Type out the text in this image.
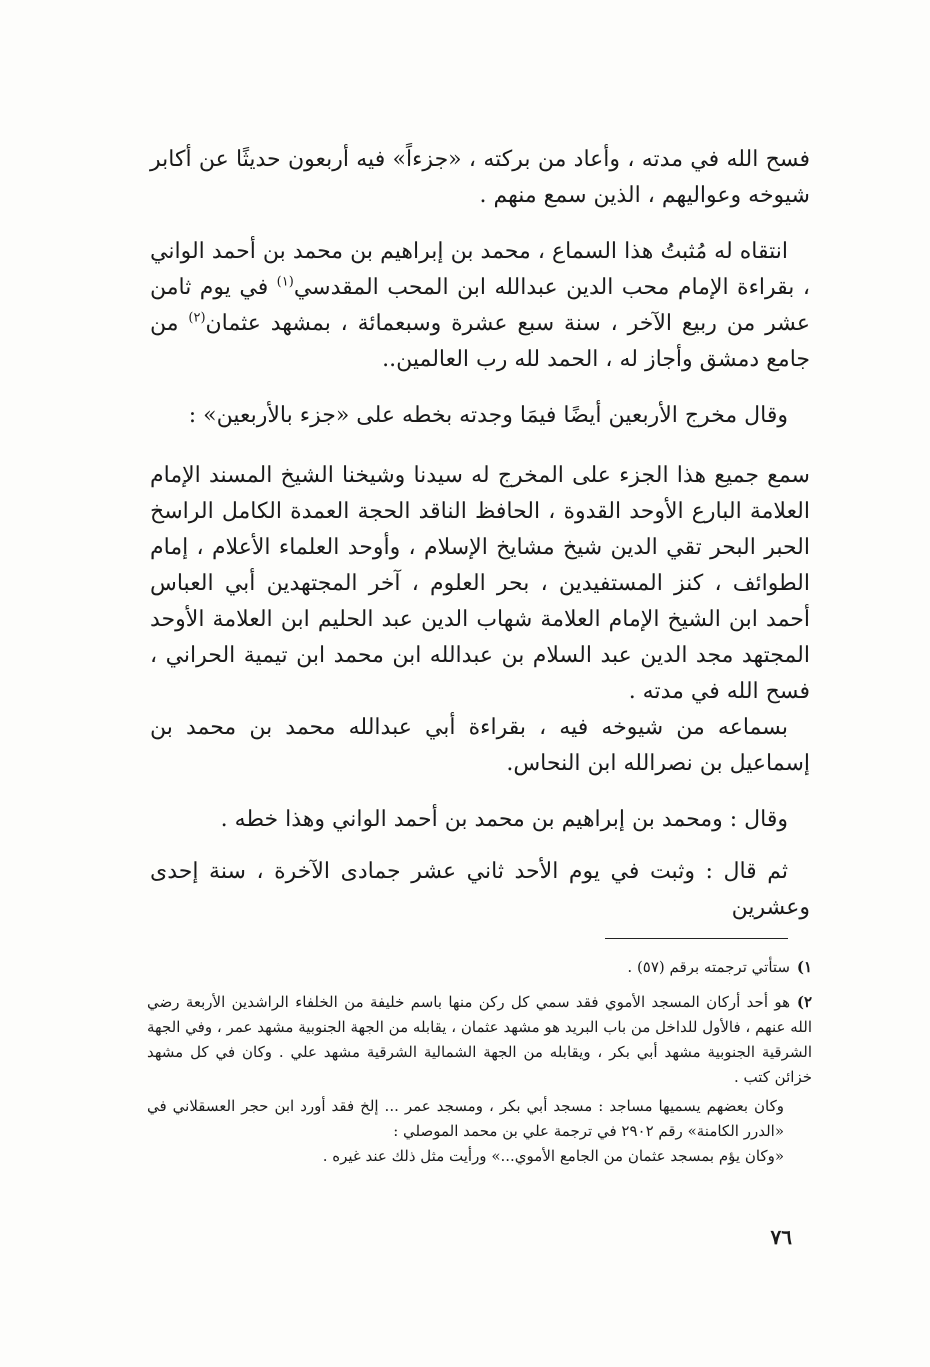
فسح الله في مدته ، وأعاد من بركته ، «جزءاً» فيه أربعون حديثًا عن أكابر شيوخه وعواليهم ، الذين سمع منهم .

انتقاه له مُثبتُ هذا السماع ، محمد بن إبراهيم بن محمد بن أحمد الواني ، بقراءة الإمام محب الدين عبدالله ابن المحب المقدسي$^{(١)}$ في يوم ثامن عشر من ربيع الآخر ، سنة سبع عشرة وسبعمائة ، بمشهد عثمان$^{(٢)}$ من جامع دمشق وأجاز له ، الحمد لله رب العالمين..

وقال مخرج الأربعين أيضًا فيمَا وجدته بخطه على «جزء بالأربعين» :

سمع جميع هذا الجزء على المخرج له سيدنا وشيخنا الشيخ المسند الإمام العلامة البارع الأوحد القدوة ، الحافظ الناقد الحجة العمدة الكامل الراسخ الحبر البحر تقي الدين شيخ مشايخ الإسلام ، وأوحد العلماء الأعلام ، إمام الطوائف ، كنز المستفيدين ، بحر العلوم ، آخر المجتهدين أبي العباس أحمد ابن الشيخ الإمام العلامة شهاب الدين عبد الحليم ابن العلامة الأوحد المجتهد مجد الدين عبد السلام بن عبدالله ابن محمد ابن تيمية الحراني ، فسح الله في مدته .

بسماعه من شيوخه فيه ، بقراءة أبي عبدالله محمد بن محمد بن إسماعيل بن نصرالله ابن النحاس.

وقال : ومحمد بن إبراهيم بن محمد بن أحمد الواني وهذا خطه .

ثم قال : وثبت في يوم الأحد ثاني عشر جمادى الآخرة ، سنة إحدى وعشرين

١)ستأتي ترجمته برقم (٥٧) .

٢)هو أحد أركان المسجد الأموي فقد سمي كل ركن منها باسم خليفة من الخلفاء الراشدين الأربعة رضي الله عنهم ، فالأول للداخل من باب البريد هو مشهد عثمان ، يقابله من الجهة الجنوبية مشهد عمر ، وفي الجهة الشرقية الجنوبية مشهد أبي بكر ، ويقابله من الجهة الشمالية الشرقية مشهد علي . وكان في كل مشهد خزائن كتب .

وكان بعضهم يسميها مساجد : مسجد أبي بكر ، ومسجد عمر ... إلخ فقد أورد ابن حجر العسقلاني في «الدرر الكامنة» رقم ٢٩٠٢ في ترجمة علي بن محمد الموصلي :

«وكان يؤم بمسجد عثمان من الجامع الأموي...» ورأيت مثل ذلك عند غيره .

٧٦
